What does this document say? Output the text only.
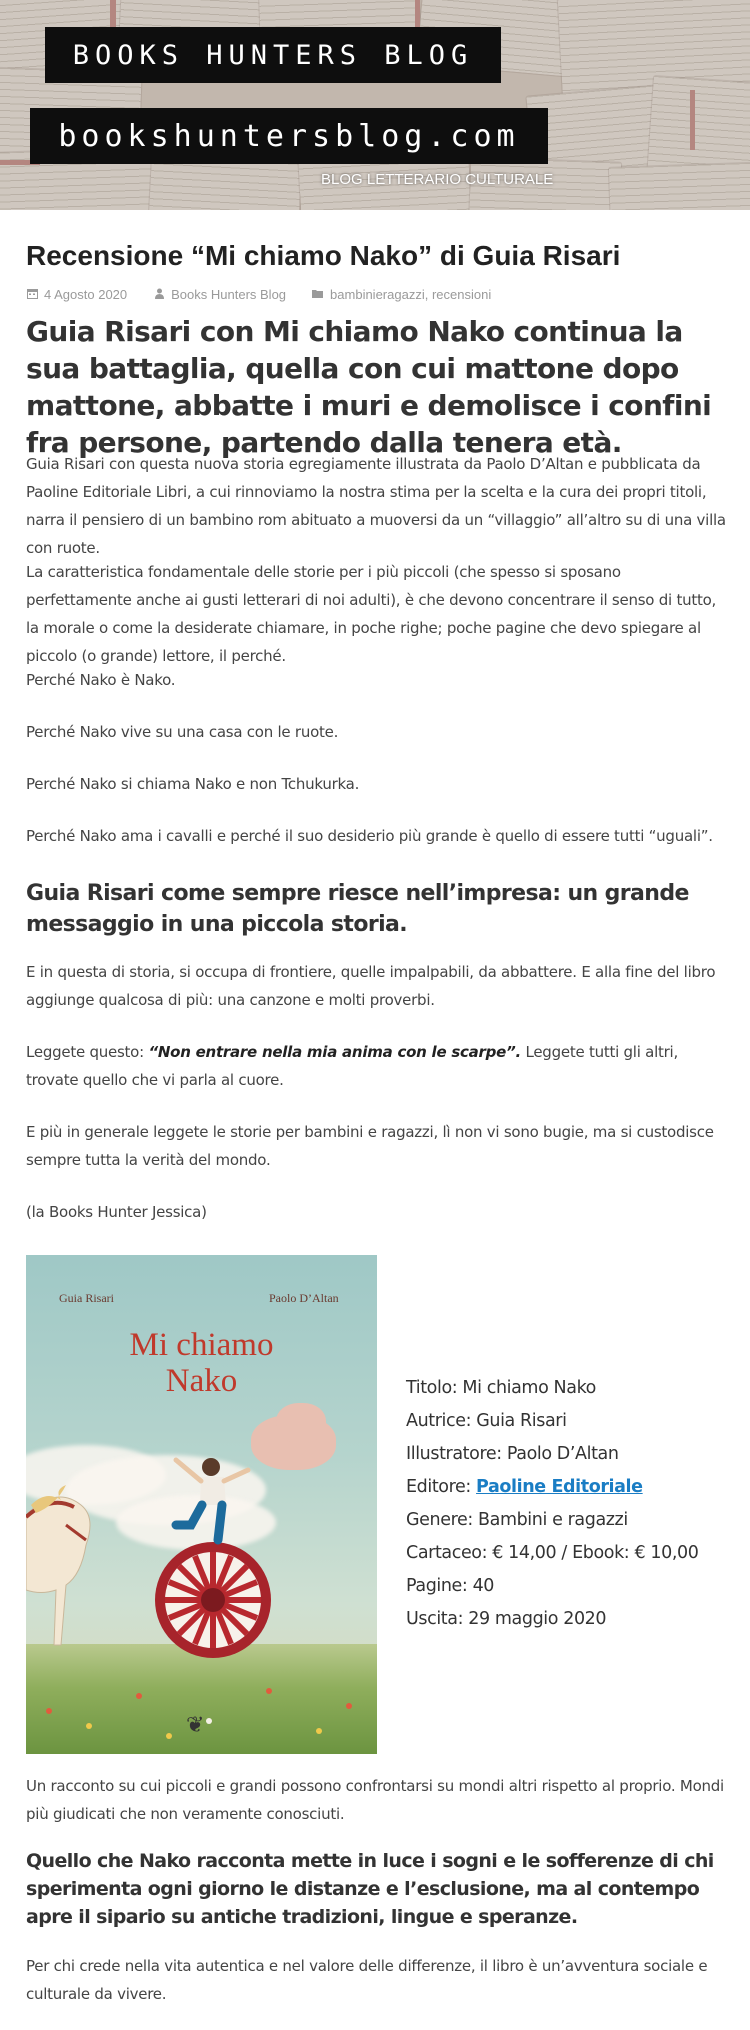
BOOKS HUNTERS BLOG
bookshuntersblog.com
BLOG LETTERARIO CULTURALE
Recensione “Mi chiamo Nako” di Guia Risari
4 Agosto 2020	Books Hunters Blog	bambinieragazzi, recensioni
Guia Risari con Mi chiamo Nako continua la sua battaglia, quella con cui mattone dopo mattone, abbatte i muri e demolisce i confini fra persone, partendo dalla tenera età.

Guia Risari con questa nuova storia egregiamente illustrata da Paolo D’Altan e pubblicata da Paoline Editoriale Libri, a cui rinnoviamo la nostra stima per la scelta e la cura dei propri titoli, narra il pensiero di un bambino rom abituato a muoversi da un “villaggio” all’altro su di una villa con ruote.

La caratteristica fondamentale delle storie per i più piccoli (che spesso si sposano perfettamente anche ai gusti letterari di noi adulti), è che devono concentrare il senso di tutto, la morale o come la desiderate chiamare, in poche righe; poche pagine che devo spiegare al piccolo (o grande) lettore, il perché.

Perché Nako è Nako.

Perché Nako vive su una casa con le ruote.

Perché Nako si chiama Nako e non Tchukurka.

Perché Nako ama i cavalli e perché il suo desiderio più grande è quello di essere tutti “uguali”.

Guia Risari come sempre riesce nell’impresa: un grande messaggio in una piccola storia.

E in questa di storia, si occupa di frontiere, quelle impalpabili, da abbattere. E alla fine del libro aggiunge qualcosa di più: una canzone e molti proverbi.

Leggete questo: “Non entrare nella mia anima con le scarpe”. Leggete tutti gli altri, trovate quello che vi parla al cuore.

E più in generale leggete le storie per bambini e ragazzi, lì non vi sono bugie, ma si custodisce sempre tutta la verità del mondo.

(la Books Hunter Jessica)

Guia Risari	Paolo D’Altan
Mi chiamo
Nako
❦
Titolo: Mi chiamo Nako
Autrice: Guia Risari
Illustratore: Paolo D’Altan
Editore: Paoline Editoriale
Genere: Bambini e ragazzi
Cartaceo: € 14,00 / Ebook: € 10,00
Pagine: 40
Uscita: 29 maggio 2020

Un racconto su cui piccoli e grandi possono confrontarsi su mondi altri rispetto al proprio. Mondi più giudicati che non veramente conosciuti.

Quello che Nako racconta mette in luce i sogni e le sofferenze di chi sperimenta ogni giorno le distanze e l’esclusione, ma al contempo apre il sipario su antiche tradizioni, lingue e speranze.

Per chi crede nella vita autentica e nel valore delle differenze, il libro è un’avventura sociale e culturale da vivere.
